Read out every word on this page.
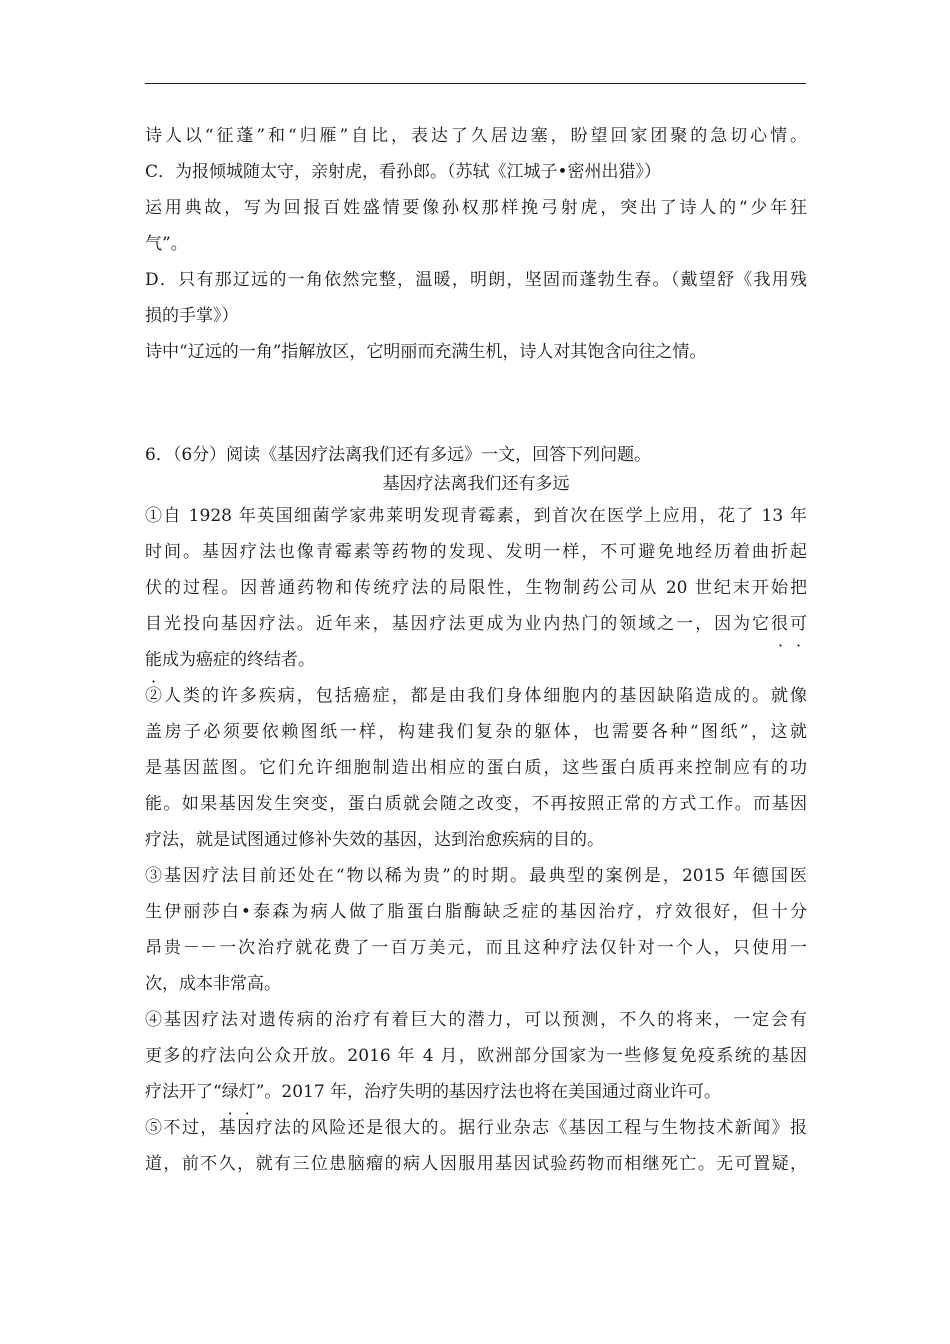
诗人以“征蓬”和“归雁”自比，表达了久居边塞，盼望回家团聚的急切心情。
C．为报倾城随太守，亲射虎，看孙郎。（苏轼《江城子•密州出猎》）
运用典故，写为回报百姓盛情要像孙权那样挽弓射虎，突出了诗人的“少年狂
气”。
D．只有那辽远的一角依然完整，温暖，明朗，坚固而蓬勃生春。（戴望舒《我用残
损的手掌》）
诗中“辽远的一角”指解放区，它明丽而充满生机，诗人对其饱含向往之情。
6．（6分）阅读《基因疗法离我们还有多远》一文，回答下列问题。
基因疗法离我们还有多远
①自 1928 年英国细菌学家弗莱明发现青霉素，到首次在医学上应用，花了 13 年
时间。基因疗法也像青霉素等药物的发现、发明一样，不可避免地经历着曲折起
伏的过程。因普通药物和传统疗法的局限性，生物制药公司从 20 世纪末开始把
目光投向基因疗法。近年来，基因疗法更成为业内热门的领域之一，因为它很可
能成为癌症的终结者。
②人类的许多疾病，包括癌症，都是由我们身体细胞内的基因缺陷造成的。就像
盖房子必须要依赖图纸一样，构建我们复杂的躯体，也需要各种“图纸”，这就
是基因蓝图。它们允许细胞制造出相应的蛋白质，这些蛋白质再来控制应有的功
能。如果基因发生突变，蛋白质就会随之改变，不再按照正常的方式工作。而基因
疗法，就是试图通过修补失效的基因，达到治愈疾病的目的。
③基因疗法目前还处在“物以稀为贵”的时期。最典型的案例是，2015 年德国医
生伊丽莎白•泰森为病人做了脂蛋白脂酶缺乏症的基因治疗，疗效很好，但十分
昂贵－－一次治疗就花费了一百万美元，而且这种疗法仅针对一个人，只使用一
次，成本非常高。
④基因疗法对遗传病的治疗有着巨大的潜力，可以预测，不久的将来，一定会有
更多的疗法向公众开放。2016 年 4 月，欧洲部分国家为一些修复免疫系统的基因
疗法开了“绿灯”。2017 年，治疗失明的基因疗法也将在美国通过商业许可。
⑤不过，基因疗法的风险还是很大的。据行业杂志《基因工程与生物技术新闻》报
道，前不久，就有三位患脑瘤的病人因服用基因试验药物而相继死亡。无可置疑，
